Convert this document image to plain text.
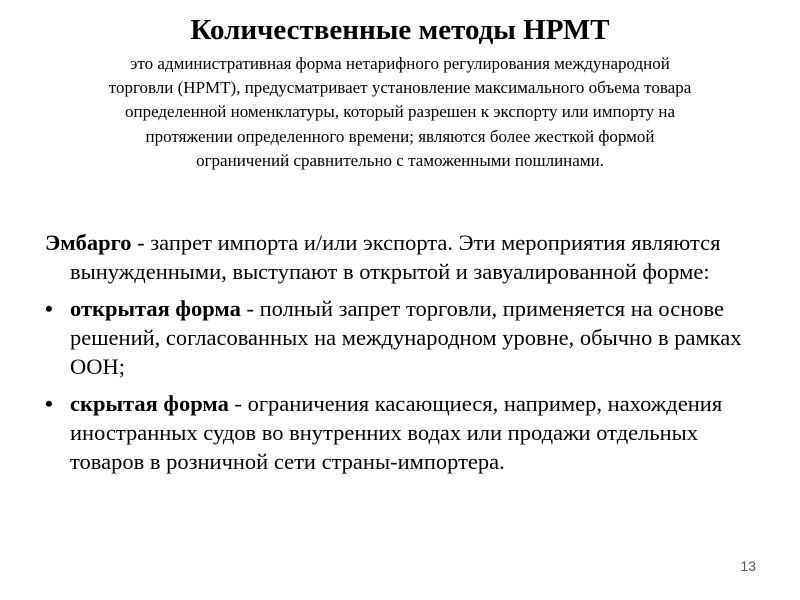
Количественные методы НРМТ

это административная форма нетарифного регулирования международной торговли (НРМТ), предусматривает установление максимального объема товара определенной номенклатуры, который разрешен к экспорту или импорту на протяжении определенного времени; являются более жесткой формой ограничений сравнительно с таможенными пошлинами.

Эмбарго - запрет импорта и/или экспорта. Эти мероприятия являются вынужденными, выступают в открытой и завуалированной форме:

• открытая форма - полный запрет торговли, применяется на основе решений, согласованных на международном уровне, обычно в рамках ООН;
• скрытая форма - ограничения касающиеся, например, нахождения иностранных судов во внутренних водах или продажи отдельных товаров в розничной сети страны-импортера.
13
